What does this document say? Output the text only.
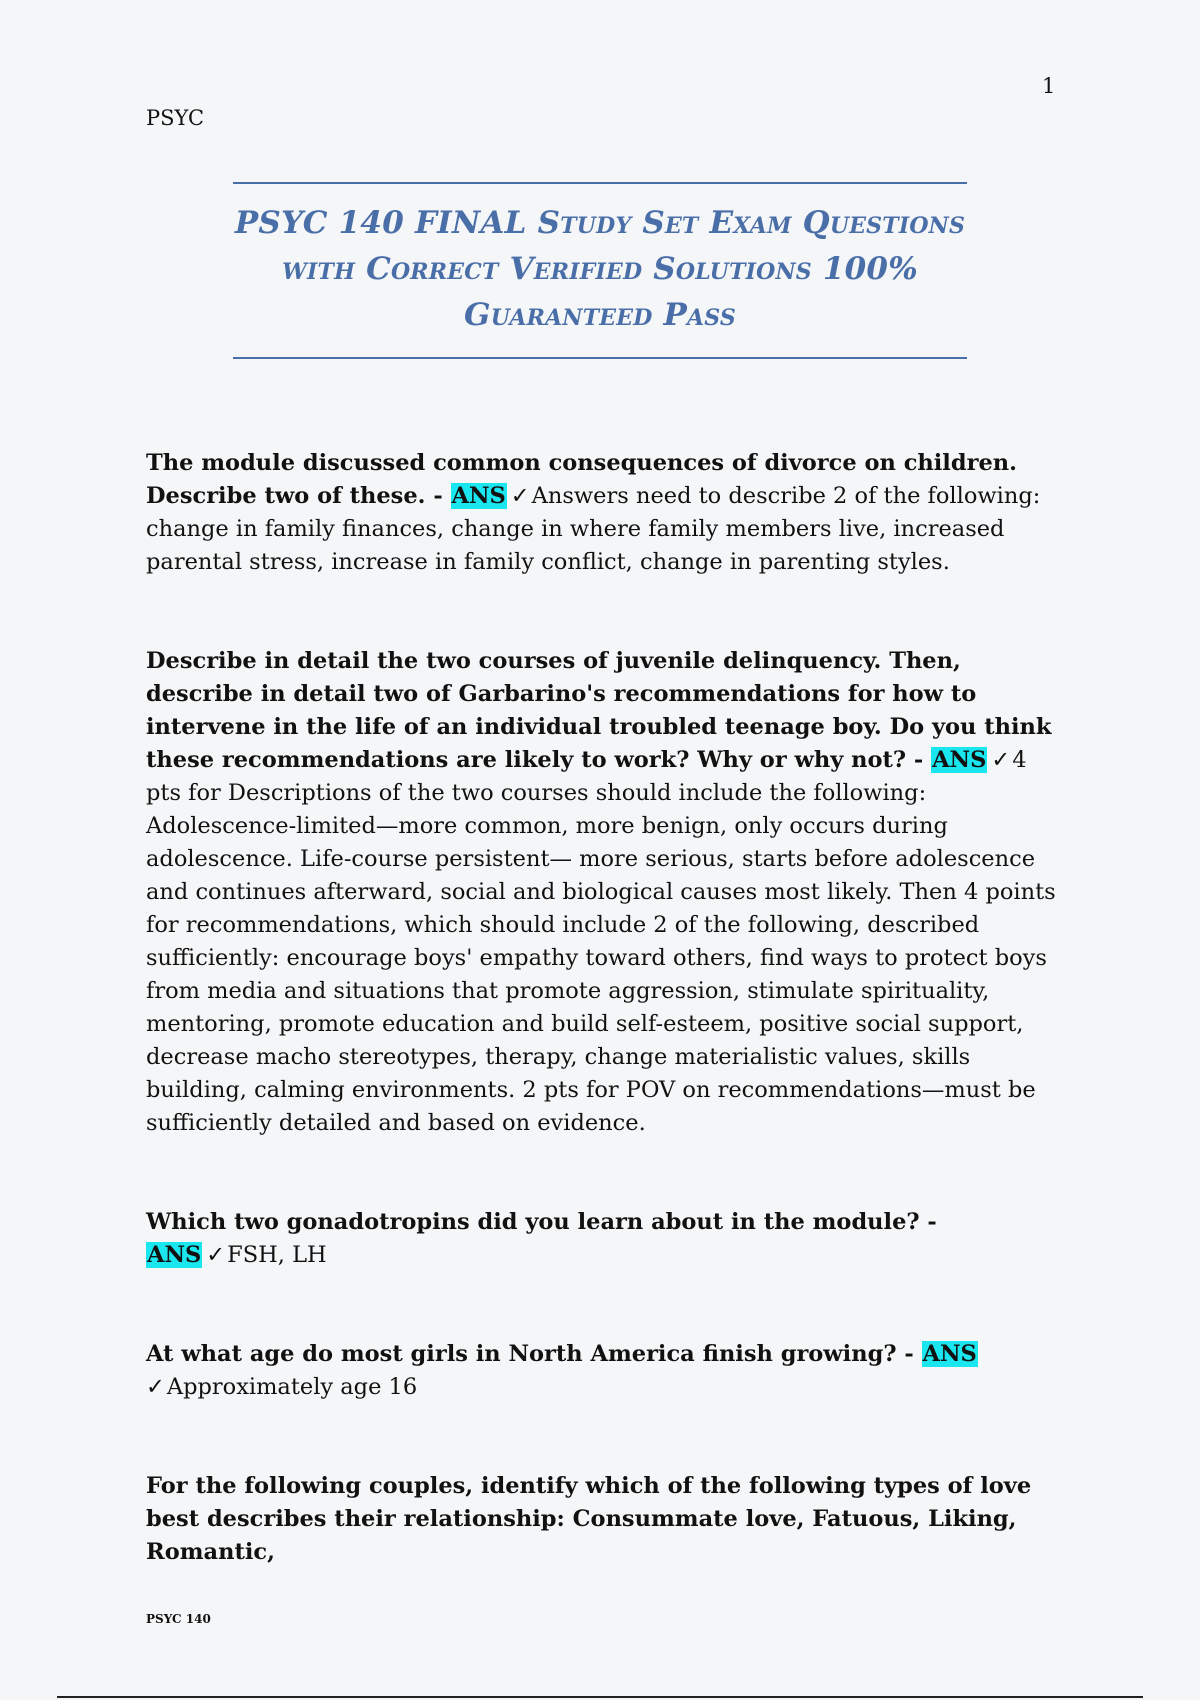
1
PSYC
PSYC 140 FINAL Study Set Exam Questions
with Correct Verified Solutions 100%
Guaranteed Pass

The module discussed common consequences of divorce on children. Describe two of these. - ANS ✓Answers need to describe 2 of the following: change in family finances, change in where family members live, increased parental stress, increase in family conflict, change in parenting styles.

Describe in detail the two courses of juvenile delinquency. Then, describe in detail two of Garbarino's recommendations for how to intervene in the life of an individual troubled teenage boy. Do you think these recommendations are likely to work? Why or why not? - ANS ✓4 pts for Descriptions of the two courses should include the following: Adolescence-limited—more common, more benign, only occurs during adolescence. Life-course persistent— more serious, starts before adolescence and continues afterward, social and biological causes most likely. Then 4 points for recommendations, which should include 2 of the following, described sufficiently: encourage boys' empathy toward others, find ways to protect boys from media and situations that promote aggression, stimulate spirituality, mentoring, promote education and build self-esteem, positive social support, decrease macho stereotypes, therapy, change materialistic values, skills building, calming environments. 2 pts for POV on recommendations—must be sufficiently detailed and based on evidence.

Which two gonadotropins did you learn about in the module? - ANS ✓FSH, LH

At what age do most girls in North America finish growing? - ANS
✓Approximately age 16

For the following couples, identify which of the following types of love best describes their relationship: Consummate love, Fatuous, Liking, Romantic,

PSYC 140
